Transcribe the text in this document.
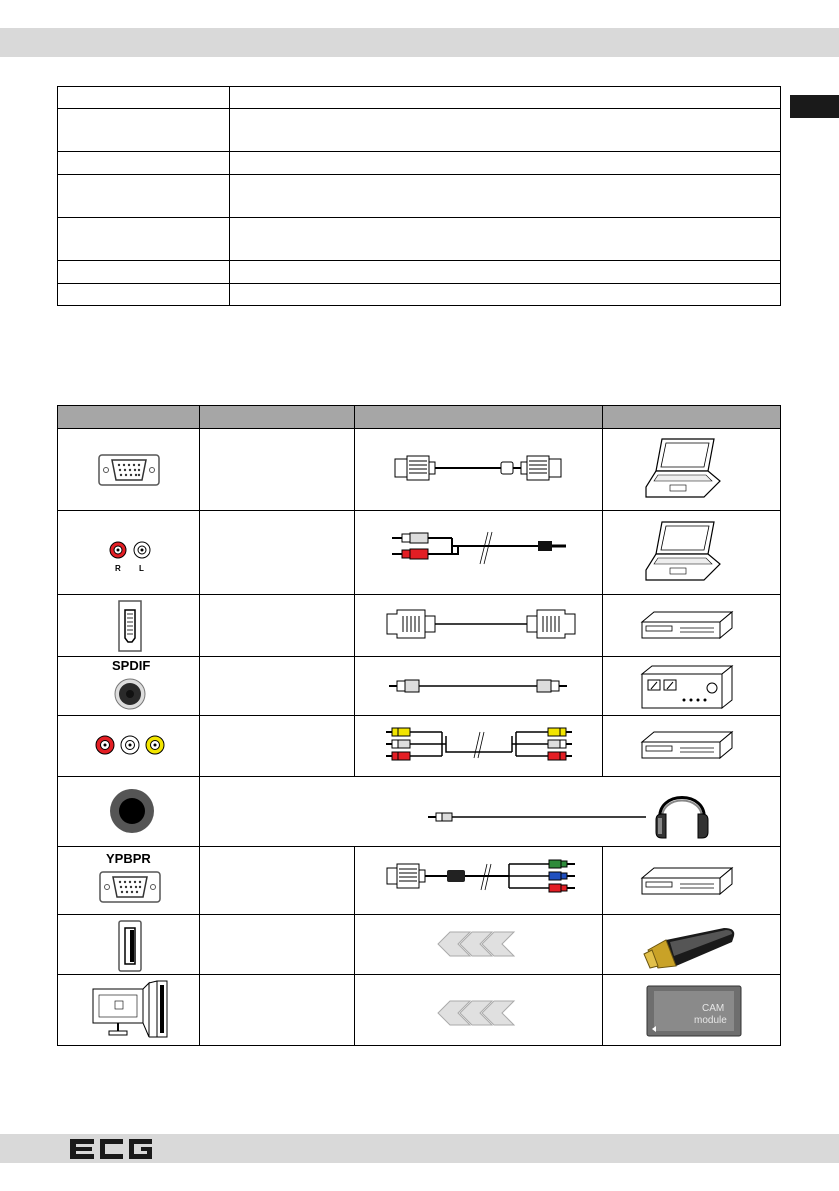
R L
SPDIF
YPBPR
CAM
module
